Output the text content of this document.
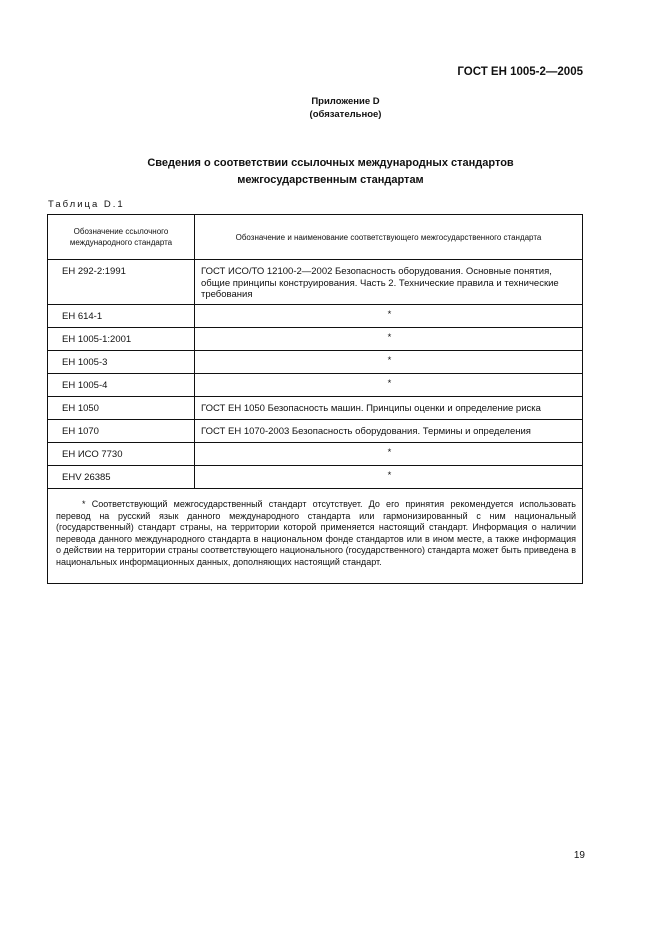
ГОСТ ЕН 1005-2—2005
Приложение D
(обязательное)
Сведения о соответствии ссылочных международных стандартов
межгосударственным стандартам
Таблица D.1
Обозначение ссылочного международного стандарта	Обозначение и наименование соответствующего межгосударственного стандарта
ЕН 292-2:1991	ГОСТ ИСО/ТО 12100-2—2002 Безопасность оборудования. Основные понятия, общие принципы конструирования. Часть 2. Технические правила и технические требования
ЕН 614-1	*
ЕН 1005-1:2001	*
ЕН 1005-3	*
ЕН 1005-4	*
ЕН 1050	ГОСТ ЕН 1050 Безопасность машин. Принципы оценки и определение риска
ЕН 1070	ГОСТ ЕН 1070-2003 Безопасность оборудования. Термины и определения
ЕН ИСО 7730	*
ЕНV 26385	*

* Соответствующий межгосударственный стандарт отсутствует. До его принятия рекомендуется использовать перевод на русский язык данного международного стандарта или гармонизированный с ним национальный (государственный) стандарт страны, на территории которой применяется настоящий стандарт. Информация о наличии перевода данного международного стандарта в национальном фонде стандартов или в ином месте, а также информация о действии на территории страны соответствующего национального (государственного) стандарта может быть приведена в национальных информационных данных, дополняющих настоящий стандарт.	
19
